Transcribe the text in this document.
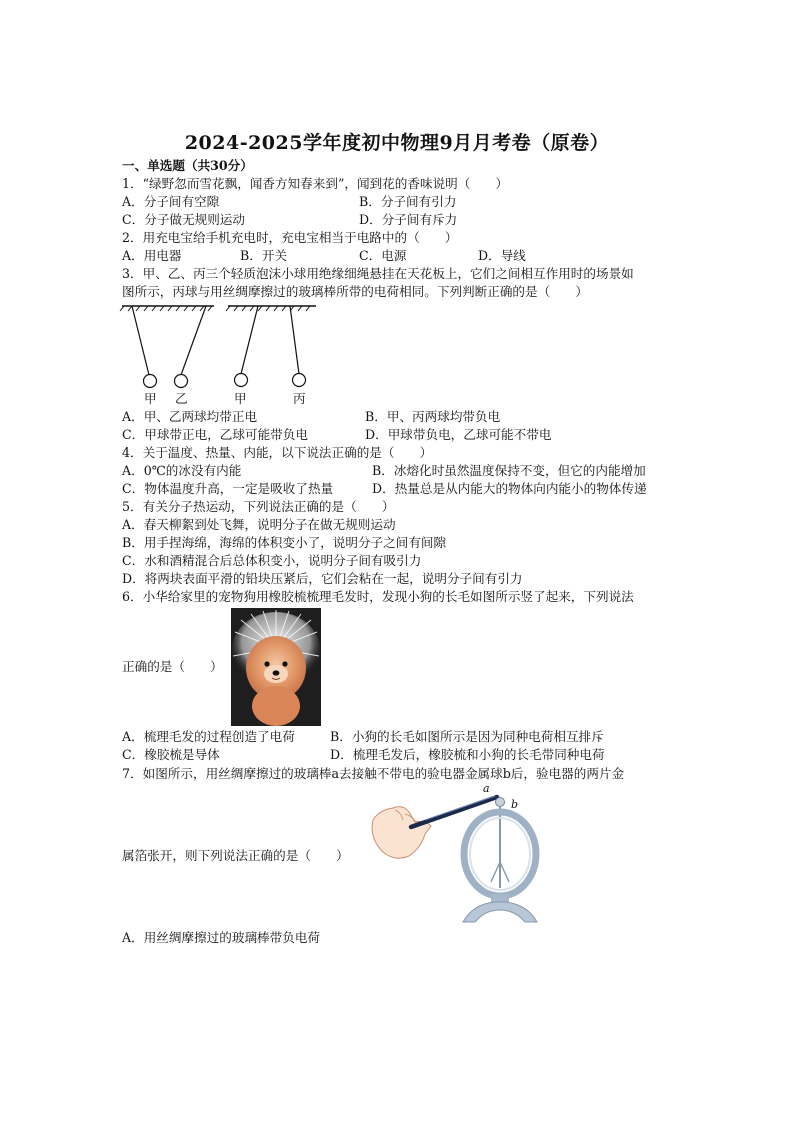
2024-2025学年度初中物理9月月考卷（原卷）
一、单选题（共30分）
1．“绿野忽而雪花飘，闻香方知春来到”，闻到花的香味说明（　　）
A．分子间有空隙	B．分子间有引力
C．分子做无规则运动	D．分子间有斥力
2．用充电宝给手机充电时，充电宝相当于电路中的（　　）
A．用电器	B．开关	C．电源	D．导线
3．甲、乙、丙三个轻质泡沫小球用绝缘细绳悬挂在天花板上，它们之间相互作用时的场景如
图所示，丙球与用丝绸摩擦过的玻璃棒所带的电荷相同。下列判断正确的是（　　）
甲 乙	甲	丙
A．甲、乙两球均带正电	B．甲、丙两球均带负电
C．甲球带正电，乙球可能带负电	D．甲球带负电，乙球可能不带电
4．关于温度、热量、内能，以下说法正确的是（　　）
A．0℃的冰没有内能	B．冰熔化时虽然温度保持不变，但它的内能增加
C．物体温度升高，一定是吸收了热量	D．热量总是从内能大的物体向内能小的物体传递
5．有关分子热运动，下列说法正确的是（　　）
A．春天柳絮到处飞舞，说明分子在做无规则运动
B．用手捏海绵，海绵的体积变小了，说明分子之间有间隙
C．水和酒精混合后总体积变小，说明分子间有吸引力
D．将两块表面平滑的铅块压紧后，它们会粘在一起，说明分子间有引力
6．小华给家里的宠物狗用橡胶梳梳理毛发时，发现小狗的长毛如图所示竖了起来，下列说法
正确的是（　　）
A．梳理毛发的过程创造了电荷	B．小狗的长毛如图所示是因为同种电荷相互排斥
C．橡胶梳是导体	D．梳理毛发后，橡胶梳和小狗的长毛带同种电荷
7．如图所示，用丝绸摩擦过的玻璃棒a去接触不带电的验电器金属球b后，验电器的两片金
属箔张开，则下列说法正确的是（　　）
a
b
A．用丝绸摩擦过的玻璃棒带负电荷
